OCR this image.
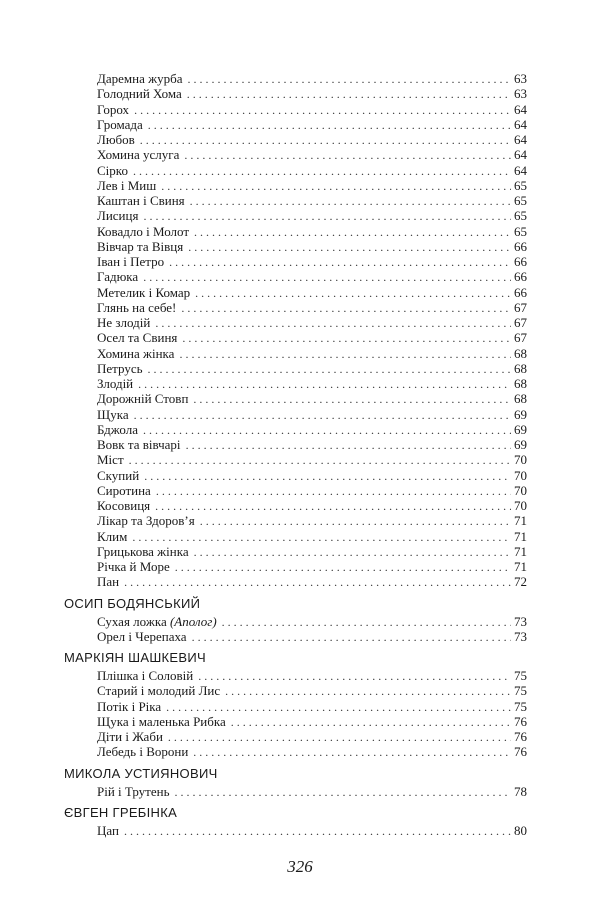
Даремна журба . . .	63
Голодний Хома . . .	63
Горох . . .	64
Громада . . .	64
Любов . . .	64
Хомина услуга . . .	64
Сірко . . .	64
Лев і Миш . . .	65
Каштан і Свиня . . .	65
Лисиця . . .	65
Ковадло і Молот . . .	65
Вівчар та Вівця . . .	66
Іван і Петро . . .	66
Гадюка . . .	66
Метелик і Комар . . .	66
Глянь на себе! . . .	67
Не злодій . . .	67
Осел та Свиня . . .	67
Хомина жінка . . .	68
Петрусь . . .	68
Злодій . . .	68
Дорожній Стовп . . .	68
Щука . . .	69
Бджола . . .	69
Вовк та вівчарі . . .	69
Міст . . .	70
Скупий . . .	70
Сиротина . . .	70
Косовиця . . .	70
Лікар та Здоров’я . . .	71
Клим . . .	71
Грицькова жінка . . .	71
Річка й Море . . .	71
Пан . . .	72
ОСИП БОДЯНСЬКИЙ
Сухая ложка (Аполог) . . .	73
Орел і Черепаха . . .	73
МАРКІЯН ШАШКЕВИЧ
Плішка і Соловій . . .	75
Старий і молодий Лис . . .	75
Потік і Ріка . . .	75
Щука і маленька Рибка . . .	76
Діти і Жаби . . .	76
Лебедь і Ворони . . .	76
МИКОЛА УСТИЯНОВИЧ
Рій і Трутень . . .	78
ЄВГЕН ГРЕБІНКА
Цап . . .	80
326
